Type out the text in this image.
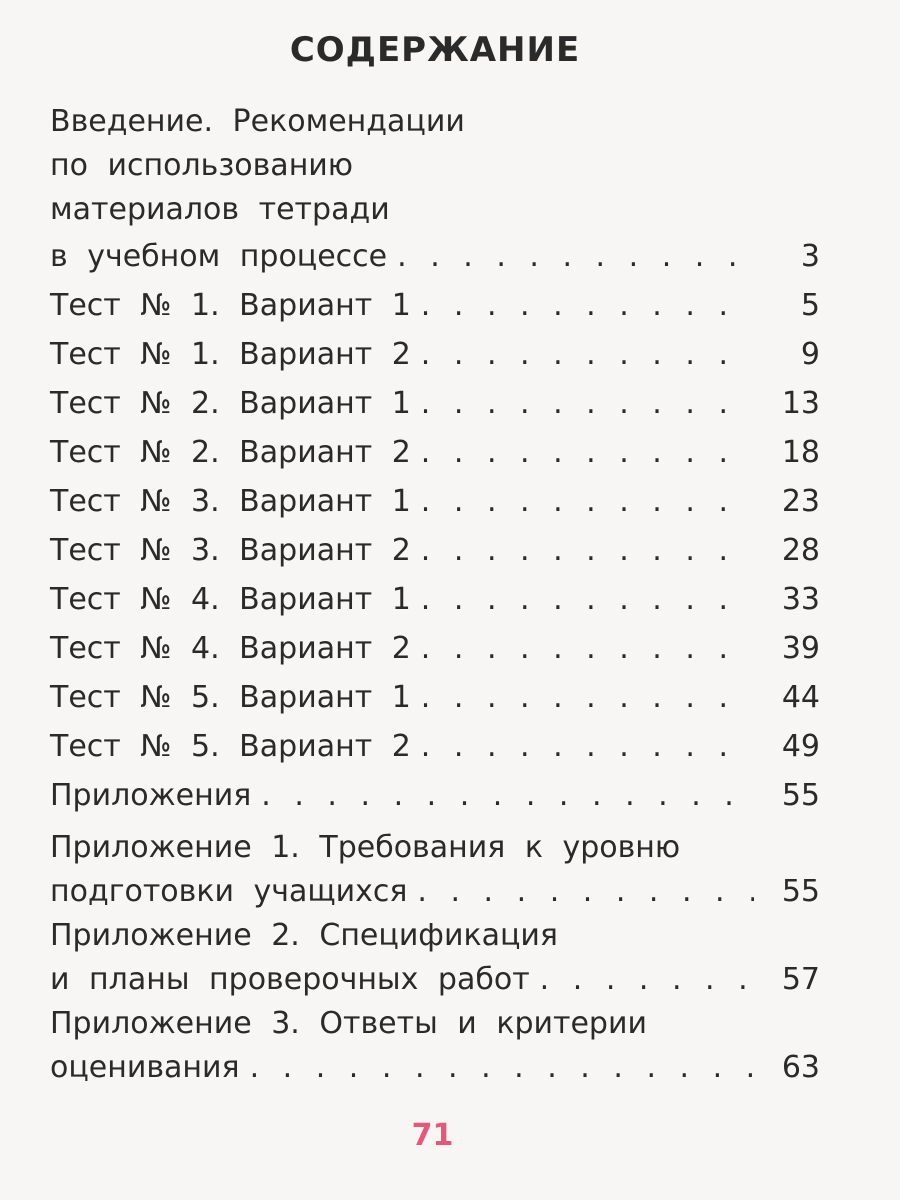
СОДЕРЖАНИЕ
Введение. Рекомендации
по использованию
материалов тетради
в учебном процессе . . .	3
Тест № 1. Вариант 1 . . .	5
Тест № 1. Вариант 2 . . .	9
Тест № 2. Вариант 1 . . .	13
Тест № 2. Вариант 2 . . .	18
Тест № 3. Вариант 1 . . .	23
Тест № 3. Вариант 2 . . .	28
Тест № 4. Вариант 1 . . .	33
Тест № 4. Вариант 2 . . .	39
Тест № 5. Вариант 1 . . .	44
Тест № 5. Вариант 2 . . .	49
Приложения . . .	55
Приложение 1. Требования к уровню
подготовки учащихся . . .	55
Приложение 2. Спецификация
и планы проверочных работ . . .	57
Приложение 3. Ответы и критерии
оценивания . . .	63
71
